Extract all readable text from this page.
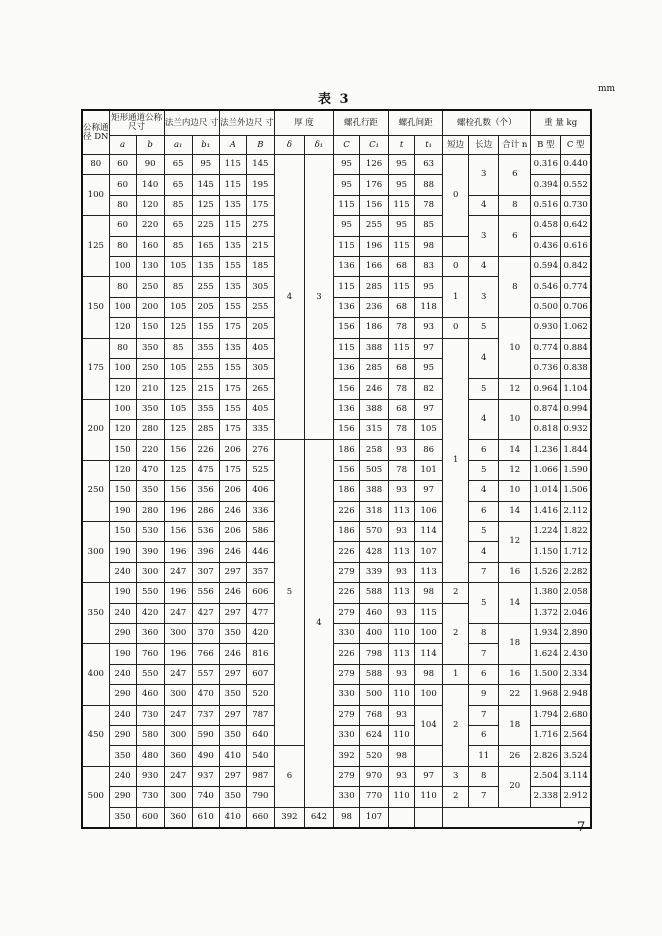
表 3
mm
公称通径 DN	矩形通道公称尺寸		法兰内边尺 寸		法兰外边尺 寸		厚 度		螺孔行距		螺孔间距		螺栓孔数（个）			重 量 kg	
	a	b	a₁	b₁	A	B	δ	δ₁	C	C₁	t	t₁	短边	长边	合计 n	B 型	C 型
80	60	90	65	95	115	145	4	3	95	126	95	63	0	3	6	0.316	0.440
100	60	140	65	145	115	195			95	176	95	88				0.394	0.552
	80	120	85	125	135	175			115	156	115	78		4	8	0.516	0.730
125	60	220	65	225	115	275			95	255	95	85		3	6	0.458	0.642
	80	160	85	165	135	215			115	196	115	98				0.436	0.616
	100	130	105	135	155	185			136	166	68	83	0	4	8	0.594	0.842
150	80	250	85	255	135	305			115	285	115	95	1	3		0.546	0.774
	100	200	105	205	155	255			136	236	68	118				0.500	0.706
	120	150	125	155	175	205			156	186	78	93	0	5	10	0.930	1.062
175	80	350	85	355	135	405			115	388	115	97	1	4		0.774	0.884
	100	250	105	255	155	305			136	285	68	95				0.736	0.838
	120	210	125	215	175	265			156	246	78	82		5	12	0.964	1.104
200	100	350	105	355	155	405			136	388	68	97		4	10	0.874	0.994
	120	280	125	285	175	335			156	315	78	105				0.818	0.932
	150	220	156	226	206	276	5	4	186	258	93	86		6	14	1.236	1.844
250	120	470	125	475	175	525			156	505	78	101		5	12	1.066	1.590
	150	350	156	356	206	406			186	388	93	97		4	10	1.014	1.506
	190	280	196	286	246	336			226	318	113	106		6	14	1.416	2.112
300	150	530	156	536	206	586			186	570	93	114		5	12	1.224	1.822
	190	390	196	396	246	446			226	428	113	107		4		1.150	1.712
	240	300	247	307	297	357			279	339	93	113		7	16	1.526	2.282
350	190	550	196	556	246	606			226	588	113	98	2	5	14	1.380	2.058
	240	420	247	427	297	477			279	460	93	115	2			1.372	2.046
	290	360	300	370	350	420			330	400	110	100		8	18	1.934	2.890
400	190	760	196	766	246	816			226	798	113	114		7		1.624	2.430
	240	550	247	557	297	607			279	588	93	98	1	6	16	1.500	2.334
	290	460	300	470	350	520			330	500	110	100	2	9	22	1.968	2.948
450	240	730	247	737	297	787			279	768	93	104		7	18	1.794	2.680
	290	580	300	590	350	640			330	624	110			6		1.716	2.564
	350	480	360	490	410	540	6		392	520	98			11	26	2.826	3.524
500	240	930	247	937	297	987			279	970	93	97	3	8	20	2.504	3.114
	290	730	300	740	350	790			330	770	110	110	2	7		2.338	2.912
	350	600	360	610	410	660	392	642	98	107							
7
